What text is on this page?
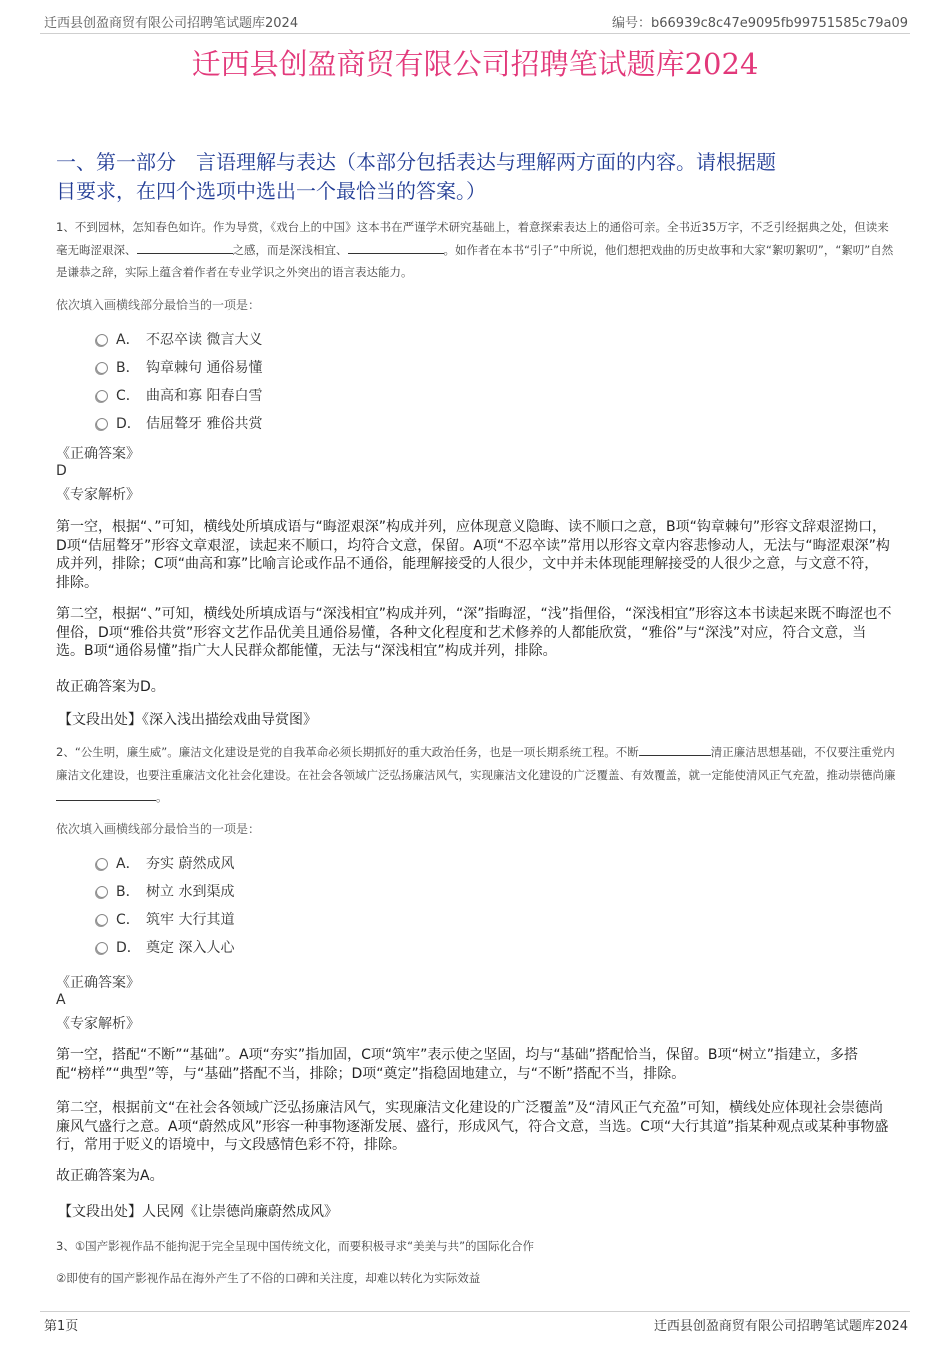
迁西县创盈商贸有限公司招聘笔试题库2024	编号：b66939c8c47e9095fb99751585c79a09
迁西县创盈商贸有限公司招聘笔试题库2024
一、第一部分　言语理解与表达（本部分包括表达与理解两方面的内容。请根据题
目要求，在四个选项中选出一个最恰当的答案。）
1、不到园林，怎知春色如许。作为导赏，《戏台上的中国》这本书在严谨学术研究基础上，着意探索表达上的通俗可亲。全书近35万字，不乏引经据典之处，但读来毫无晦涩艰深、	之感，而是深浅相宜、	。如作者在本书“引子”中所说，他们想把戏曲的历史故事和大家“絮叨絮叨”，“絮叨”自然是谦恭之辞，实际上蕴含着作者在专业学识之外突出的语言表达能力。
依次填入画横线部分最恰当的一项是：
A． 不忍卒读 微言大义
B． 钩章棘句 通俗易懂
C． 曲高和寡 阳春白雪
D． 佶屈聱牙 雅俗共赏
《正确答案》
D
《专家解析》
第一空，根据“、”可知，横线处所填成语与“晦涩艰深”构成并列，应体现意义隐晦、读不顺口之意，B项“钩章棘句”形容文辞艰涩拗口，D项“佶屈聱牙”形容文章艰涩，读起来不顺口，均符合文意，保留。A项“不忍卒读”常用以形容文章内容悲惨动人，无法与“晦涩艰深”构成并列，排除；C项“曲高和寡”比喻言论或作品不通俗，能理解接受的人很少，文中并未体现能理解接受的人很少之意，与文意不符，排除。
第二空，根据“、”可知，横线处所填成语与“深浅相宜”构成并列，“深”指晦涩，“浅”指俚俗，“深浅相宜”形容这本书读起来既不晦涩也不俚俗，D项“雅俗共赏”形容文艺作品优美且通俗易懂，各种文化程度和艺术修养的人都能欣赏，“雅俗”与“深浅”对应，符合文意，当选。B项“通俗易懂”指广大人民群众都能懂，无法与“深浅相宜”构成并列，排除。
故正确答案为D。
【文段出处】《深入浅出描绘戏曲导赏图》
2、“公生明，廉生威”。廉洁文化建设是党的自我革命必须长期抓好的重大政治任务，也是一项长期系统工程。不断	清正廉洁思想基础，不仅要注重党内廉洁文化建设，也要注重廉洁文化社会化建设。在社会各领域广泛弘扬廉洁风气，实现廉洁文化建设的广泛覆盖、有效覆盖，就一定能使清风正气充盈，推动崇德尚廉。
依次填入画横线部分最恰当的一项是：
A． 夯实 蔚然成风
B． 树立 水到渠成
C． 筑牢 大行其道
D． 奠定 深入人心
《正确答案》
A
《专家解析》
第一空，搭配“不断”“基础”。A项“夯实”指加固，C项“筑牢”表示使之坚固，均与“基础”搭配恰当，保留。B项“树立”指建立，多搭配“榜样”“典型”等，与“基础”搭配不当，排除；D项“奠定”指稳固地建立，与“不断”搭配不当，排除。
第二空，根据前文“在社会各领域广泛弘扬廉洁风气，实现廉洁文化建设的广泛覆盖”及“清风正气充盈”可知，横线处应体现社会崇德尚廉风气盛行之意。A项“蔚然成风”形容一种事物逐渐发展、盛行，形成风气，符合文意，当选。C项“大行其道”指某种观点或某种事物盛行，常用于贬义的语境中，与文段感情色彩不符，排除。
故正确答案为A。
【文段出处】人民网《让崇德尚廉蔚然成风》
3、①国产影视作品不能拘泥于完全呈现中国传统文化，而要积极寻求“美美与共”的国际化合作
②即使有的国产影视作品在海外产生了不俗的口碑和关注度，却难以转化为实际效益
第1页	迁西县创盈商贸有限公司招聘笔试题库2024
